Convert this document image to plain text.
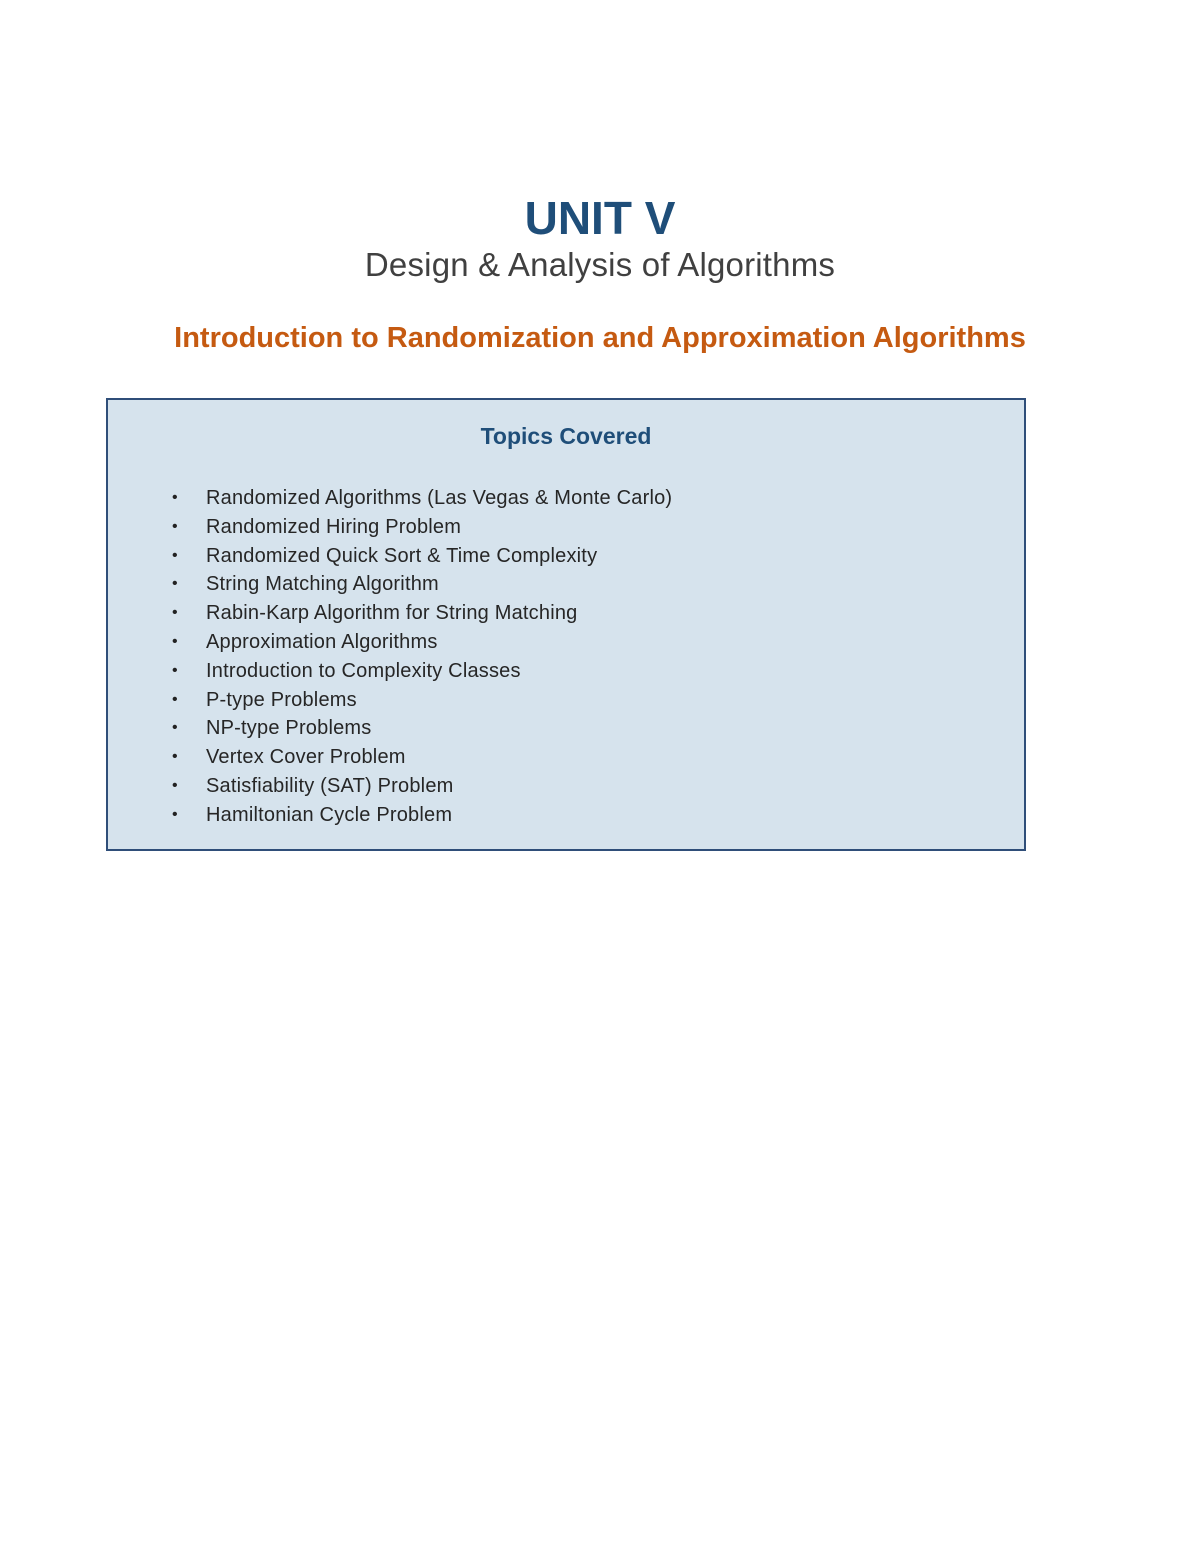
UNIT V
Design & Analysis of Algorithms
Introduction to Randomization and Approximation Algorithms
Topics Covered
• Randomized Algorithms (Las Vegas & Monte Carlo)
• Randomized Hiring Problem
• Randomized Quick Sort & Time Complexity
• String Matching Algorithm
• Rabin-Karp Algorithm for String Matching
• Approximation Algorithms
• Introduction to Complexity Classes
• P-type Problems
• NP-type Problems
• Vertex Cover Problem
• Satisfiability (SAT) Problem
• Hamiltonian Cycle Problem
